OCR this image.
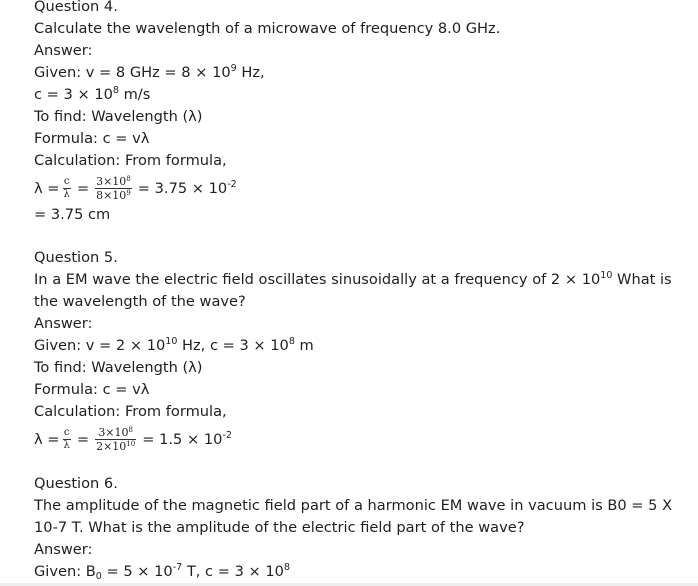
Question 4.
Calculate the wavelength of a microwave of frequency 8.0 GHz.
Answer:
Given: v = 8 GHz = $8 \times 10^9$ Hz,
$c = 3 \times 10^8$ m/s
To find: Wavelength (λ)
Formula: c = vλ
Calculation: From formula,
$\lambda = \frac{c}{\lambda} = \frac{3\times 10^8}{8\times 10^9} = 3.75 \times 10^{-2}$
= 3.75 cm
Question 5.
In a EM wave the electric field oscillates sinusoidally at a frequency of $2 \times 10^{10}$ What is the wavelength of the wave?
Answer:
Given: $v = 2 \times 10^{10}$ Hz, $c = 3 \times 10^8$ m
To find: Wavelength (λ)
Formula: c = vλ
Calculation: From formula,
$\lambda = \frac{c}{\lambda} = \frac{3\times 10^8}{2\times 10^{10}} = 1.5 \times 10^{-2}$
Question 6.
The amplitude of the magnetic field part of a harmonic EM wave in vacuum is B0 = 5 X 10-7 T. What is the amplitude of the electric field part of the wave?
Answer:
Given: $B_0 = 5 \times 10^{-7}$ T, $c = 3 \times 10^8$
